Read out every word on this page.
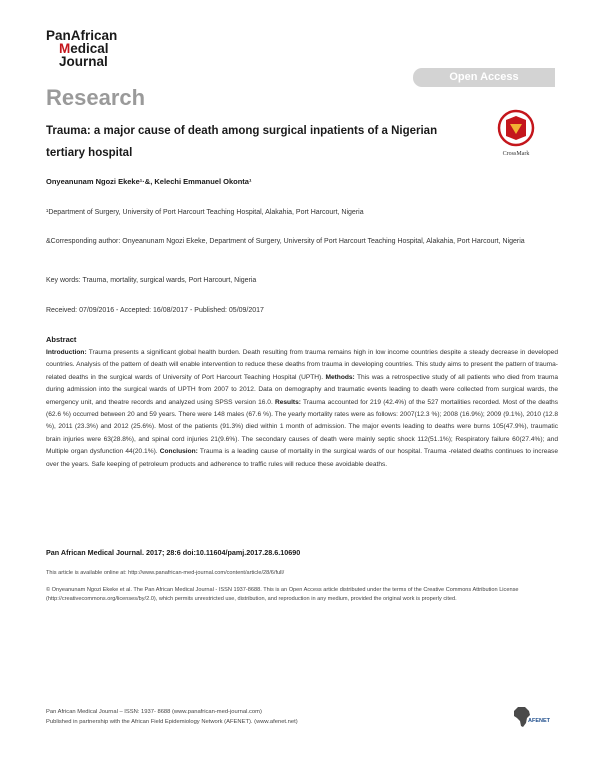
PanAfrican
Medical
Journal
Open Access
Research
Trauma: a major cause of death among surgical inpatients of a Nigerian tertiary hospital	CrossMark
Onyeanunam Ngozi Ekeke¹·&, Kelechi Emmanuel Okonta¹
¹Department of Surgery, University of Port Harcourt Teaching Hospital, Alakahia, Port Harcourt, Nigeria
&Corresponding author: Onyeanunam Ngozi Ekeke, Department of Surgery, University of Port Harcourt Teaching Hospital, Alakahia, Port Harcourt, Nigeria
Key words: Trauma, mortality, surgical wards, Port Harcourt, Nigeria
Received: 07/09/2016 - Accepted: 16/08/2017 - Published: 05/09/2017
Abstract
Introduction: Trauma presents a significant global health burden. Death resulting from trauma remains high in low income countries despite a steady decrease in developed countries. Analysis of the pattern of death will enable intervention to reduce these deaths from trauma in developing countries. This study aims to present the pattern of trauma-related deaths in the surgical wards of University of Port Harcourt Teaching Hospital (UPTH). Methods: This was a retrospective study of all patients who died from trauma during admission into the surgical wards of UPTH from 2007 to 2012. Data on demography and traumatic events leading to death were collected from surgical wards, the emergency unit, and theatre records and analyzed using SPSS version 16.0. Results: Trauma accounted for 219 (42.4%) of the 527 mortalities recorded. Most of the deaths (62.6 %) occurred between 20 and 59 years. There were 148 males (67.6 %). The yearly mortality rates were as follows: 2007(12.3 %); 2008 (16.9%); 2009 (9.1%), 2010 (12.8 %), 2011 (23.3%) and 2012 (25.6%). Most of the patients (91.3%) died within 1 month of admission. The major events leading to deaths were burns 105(47.9%), traumatic brain injuries were 63(28.8%), and spinal cord injuries 21(9.6%). The secondary causes of death were mainly septic shock 112(51.1%); Respiratory failure 60(27.4%); and Multiple organ dysfunction 44(20.1%). Conclusion: Trauma is a leading cause of mortality in the surgical wards of our hospital. Trauma -related deaths continues to increase over the years. Safe keeping of petroleum products and adherence to traffic rules will reduce these avoidable deaths.
Pan African Medical Journal. 2017; 28:6 doi:10.11604/pamj.2017.28.6.10690
This article is available online at: http://www.panafrican-med-journal.com/content/article/28/6/full/
© Onyeanunam Ngozi Ekeke et al. The Pan African Medical Journal - ISSN 1937-8688. This is an Open Access article distributed under the terms of the Creative Commons Attribution License (http://creativecommons.org/licenses/by/2.0), which permits unrestricted use, distribution, and reproduction in any medium, provided the original work is properly cited.
Pan African Medical Journal – ISSN: 1937- 8688 (www.panafrican-med-journal.com)
Published in partnership with the African Field Epidemiology Network (AFENET). (www.afenet.net)	AFENET
